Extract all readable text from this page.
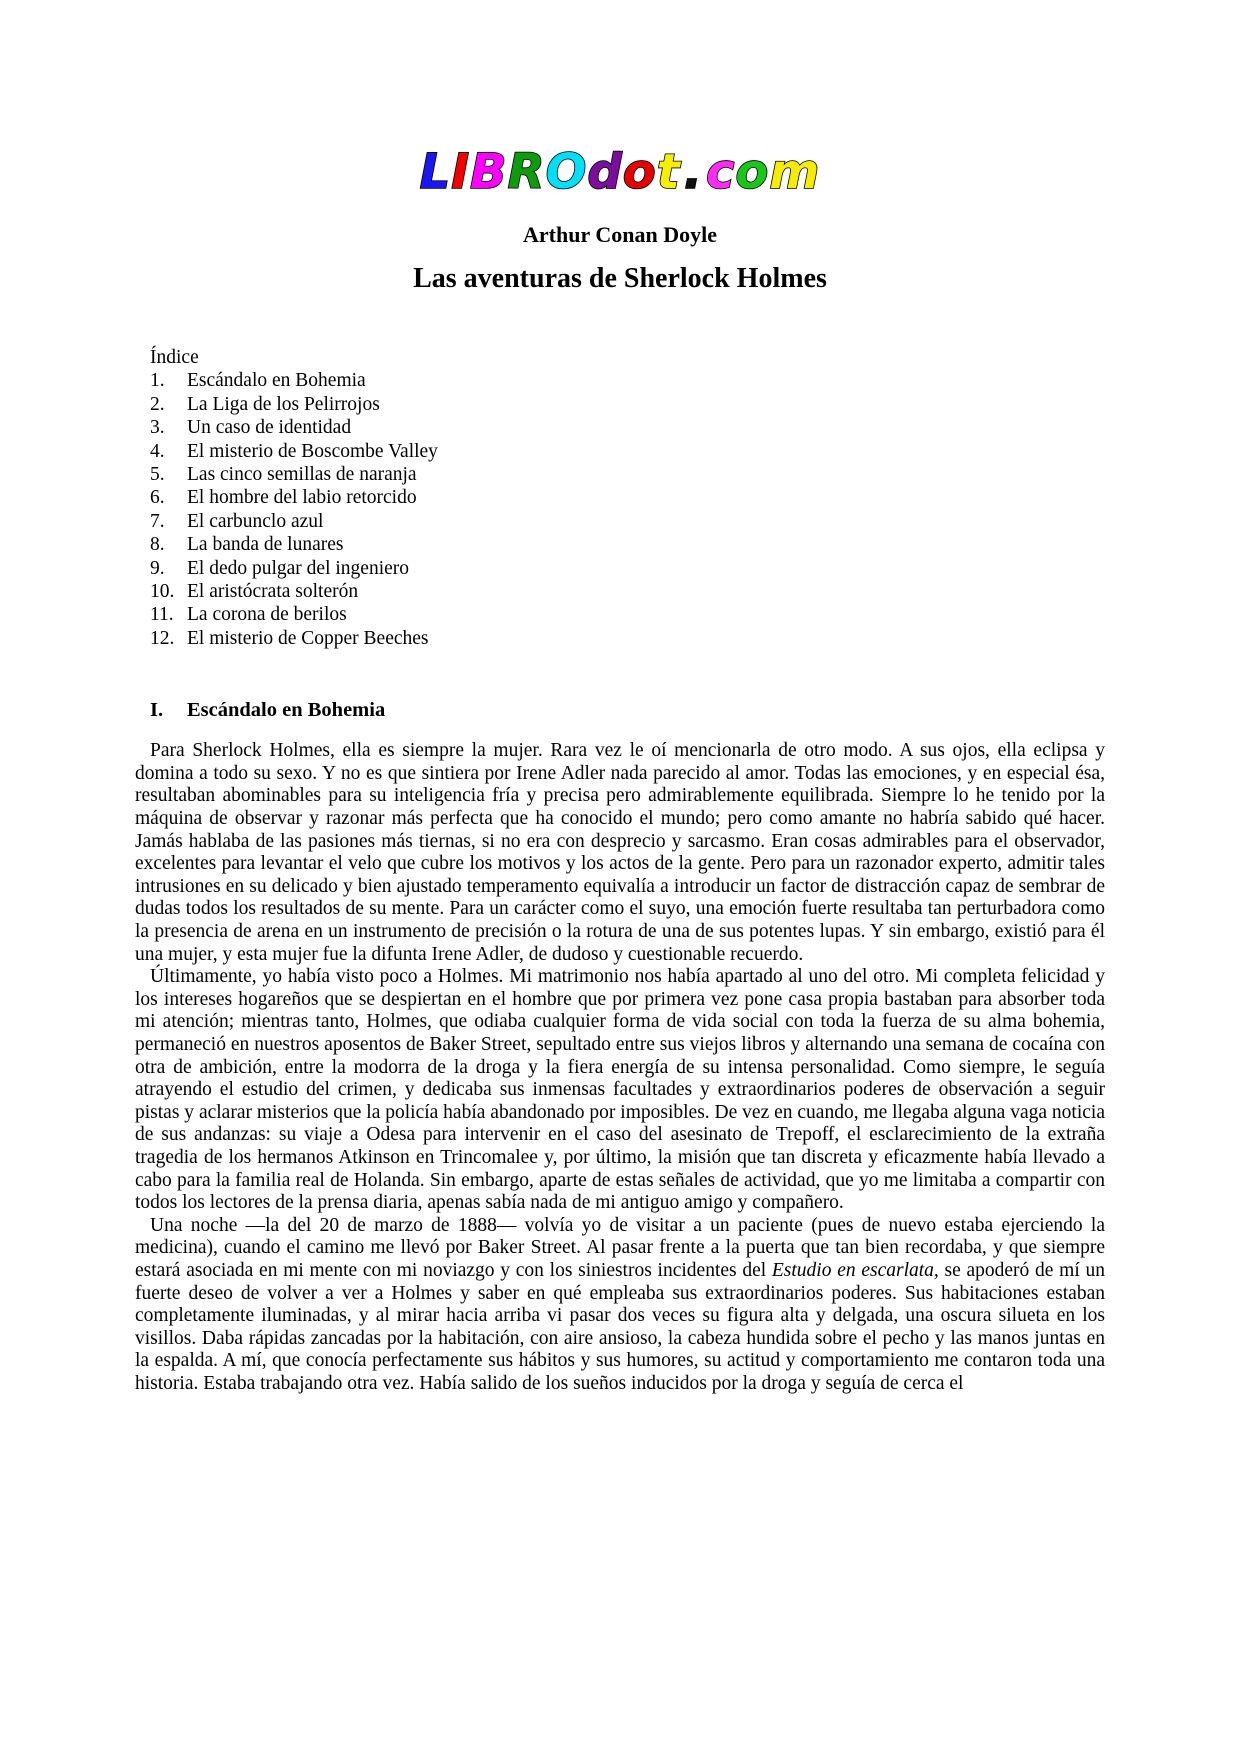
LIBROdot.com
Arthur Conan Doyle
Las aventuras de Sherlock Holmes
Índice
1. Escándalo en Bohemia
2. La Liga de los Pelirrojos
3. Un caso de identidad
4. El misterio de Boscombe Valley
5. Las cinco semillas de naranja
6. El hombre del labio retorcido
7. El carbunclo azul
8. La banda de lunares
9. El dedo pulgar del ingeniero
10. El aristócrata solterón
11. La corona de berilos
12. El misterio de Copper Beeches
I. Escándalo en Bohemia

Para Sherlock Holmes, ella es siempre la mujer. Rara vez le oí mencionarla de otro modo. A sus ojos, ella eclipsa y domina a todo su sexo. Y no es que sintiera por Irene Adler nada parecido al amor. Todas las emociones, y en especial ésa, resultaban abominables para su inteligencia fría y precisa pero admirablemente equilibrada. Siempre lo he tenido por la máquina de observar y razonar más perfecta que ha conocido el mundo; pero como amante no habría sabido qué hacer. Jamás hablaba de las pasiones más tiernas, si no era con desprecio y sarcasmo. Eran cosas admirables para el observador, excelentes para levantar el velo que cubre los motivos y los actos de la gente. Pero para un razonador experto, admitir tales intrusiones en su delicado y bien ajustado temperamento equivalía a introducir un factor de distracción capaz de sembrar de dudas todos los resultados de su mente. Para un carácter como el suyo, una emoción fuerte resultaba tan perturbadora como la presencia de arena en un instrumento de precisión o la rotura de una de sus potentes lupas. Y sin embargo, existió para él una mujer, y esta mujer fue la difunta Irene Adler, de dudoso y cuestionable recuerdo.

Últimamente, yo había visto poco a Holmes. Mi matrimonio nos había apartado al uno del otro. Mi completa felicidad y los intereses hogareños que se despiertan en el hombre que por primera vez pone casa propia bastaban para absorber toda mi atención; mientras tanto, Holmes, que odiaba cualquier forma de vida social con toda la fuerza de su alma bohemia, permaneció en nuestros aposentos de Baker Street, sepultado entre sus viejos libros y alternando una semana de cocaína con otra de ambición, entre la modorra de la droga y la fiera energía de su intensa personalidad. Como siempre, le seguía atrayendo el estudio del crimen, y dedicaba sus inmensas facultades y extraordinarios poderes de observación a seguir pistas y aclarar misterios que la policía había abandonado por imposibles. De vez en cuando, me llegaba alguna vaga noticia de sus andanzas: su viaje a Odesa para intervenir en el caso del asesinato de Trepoff, el esclarecimiento de la extraña tragedia de los hermanos Atkinson en Trincomalee y, por último, la misión que tan discreta y eficazmente había llevado a cabo para la familia real de Holanda. Sin embargo, aparte de estas señales de actividad, que yo me limitaba a compartir con todos los lectores de la prensa diaria, apenas sabía nada de mi antiguo amigo y compañero.

Una noche —la del 20 de marzo de 1888— volvía yo de visitar a un paciente (pues de nuevo estaba ejerciendo la medicina), cuando el camino me llevó por Baker Street. Al pasar frente a la puerta que tan bien recordaba, y que siempre estará asociada en mi mente con mi noviazgo y con los siniestros incidentes del Estudio en escarlata, se apoderó de mí un fuerte deseo de volver a ver a Holmes y saber en qué empleaba sus extraordinarios poderes. Sus habitaciones estaban completamente iluminadas, y al mirar hacia arriba vi pasar dos veces su figura alta y delgada, una oscura silueta en los visillos. Daba rápidas zancadas por la habitación, con aire ansioso, la cabeza hundida sobre el pecho y las manos juntas en la espalda. A mí, que conocía perfectamente sus hábitos y sus humores, su actitud y comportamiento me contaron toda una historia. Estaba trabajando otra vez. Había salido de los sueños inducidos por la droga y seguía de cerca el
